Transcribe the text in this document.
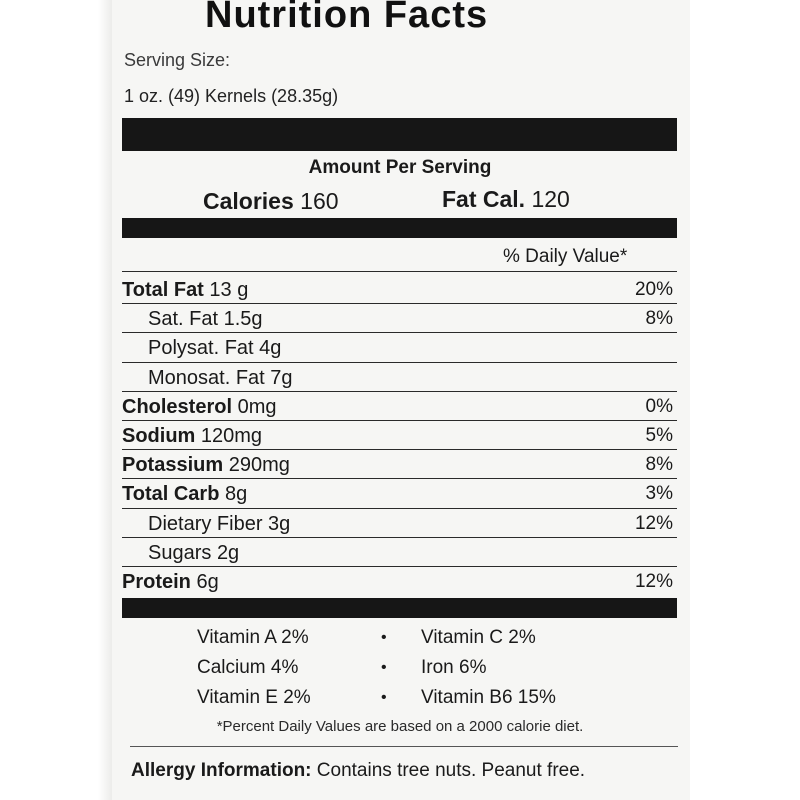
Nutrition Facts
Serving Size:
1 oz. (49) Kernels (28.35g)
Amount Per Serving
Calories 160	Fat Cal. 120
% Daily Value*
Total Fat 13 g	20%
Sat. Fat 1.5g	8%
Polysat. Fat 4g
Monosat. Fat 7g
Cholesterol 0mg	0%
Sodium 120mg	5%
Potassium 290mg	8%
Total Carb 8g	3%
Dietary Fiber 3g	12%
Sugars 2g
Protein 6g	12%
Vitamin A 2%	• Vitamin C 2%
Calcium 4%	• Iron 6%
Vitamin E 2%	• Vitamin B6 15%
*Percent Daily Values are based on a 2000 calorie diet.
Allergy Information: Contains tree nuts. Peanut free.
